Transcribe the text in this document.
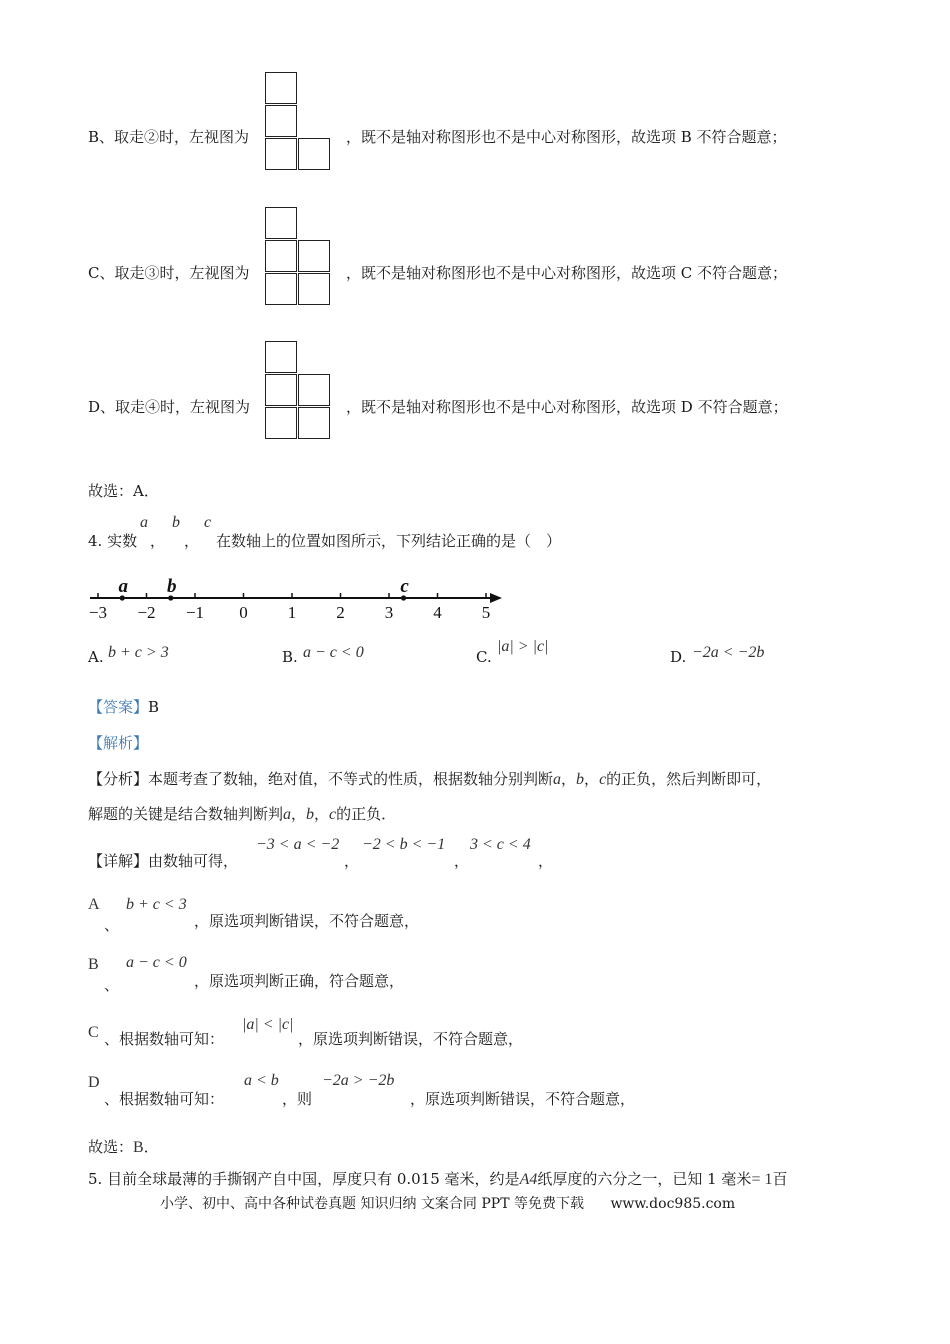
B、取走②时，左视图为	，既不是轴对称图形也不是中心对称图形，故选项 B 不符合题意；
C、取走③时，左视图为	，既不是轴对称图形也不是中心对称图形，故选项 C 不符合题意；
D、取走④时，左视图为	，既不是轴对称图形也不是中心对称图形，故选项 D 不符合题意；
故选：A．
4. 实数
a
，
b
，
c
在数轴上的位置如图所示，下列结论正确的是（　）
−3 −2 −1 0 1 2 3 4 5
a b	c
A. b + c > 3	B. a − c < 0	C.
|a| > |c|
D. −2a < −2b
【答案】B
【解析】
【分析】本题考查了数轴，绝对值，不等式的性质，根据数轴分别判断a，b，c的正负，然后判断即可，
解题的关键是结合数轴判断判a，b，c的正负．
【详解】由数轴可得，
−3 < a < −2
，
−2 < b < −1
，
3 < c < 4
，
A
、
b + c < 3
，原选项判断错误，不符合题意，
B
、
a − c < 0
，原选项判断正确，符合题意，
C 、根据数轴可知：
|a| < |c|
，原选项判断错误，不符合题意，
D
、根据数轴可知：
a < b
，则
−2a > −2b
，原选项判断错误，不符合题意，
故选：B．
5. 目前全球最薄的手撕钢产自中国，厚度只有 0.015 毫米，约是A4纸厚度的六分之一，已知 1 毫米= 1百
小学、初中、高中各种试卷真题 知识归纳 文案合同 PPT 等免费下载 www.doc985.com
